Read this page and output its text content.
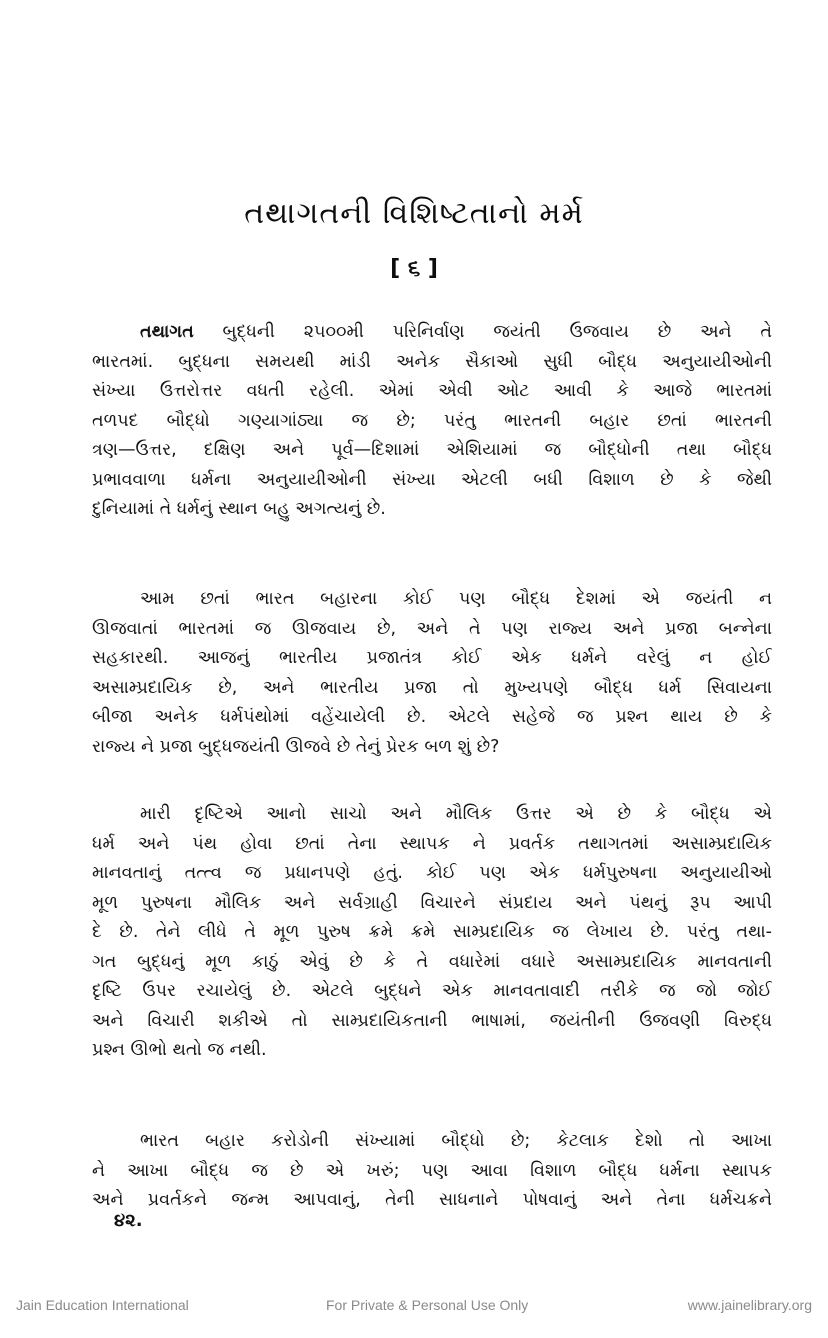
તથાગતની વિશિષ્ટતાનો મર્મ
[ ૬ ]
તથાગત બુદ્ધની ૨૫૦૦મી પરિનિર્વાણ જયંતી ઉજવાય છે અને તે
ભારતમાં. બુદ્ધના સમયથી માંડી અનેક સૈકાઓ સુધી બૌદ્ધ અનુયાયીઓની
સંખ્યા ઉત્તરોત્તર વધતી રહેલી. એમાં એવી ઓટ આવી કે આજે ભારતમાં
તળપદ બૌદ્ધો ગણ્યાગાંઠ્યા જ છે; પરંતુ ભારતની બહાર છતાં ભારતની
ત્રણ—ઉત્તર, દક્ષિણ અને પૂર્વ—દિશામાં એશિયામાં જ બૌદ્ધોની તથા બૌદ્ધ
પ્રભાવવાળા ધર્મના અનુયાયીઓની સંખ્યા એટલી બધી વિશાળ છે કે જેથી
દુનિયામાં તે ધર્મનું સ્થાન બહુ અગત્યનું છે.
આમ છતાં ભારત બહારના કોઈ પણ બૌદ્ધ દેશમાં એ જયંતી ન
ઊજવાતાં ભારતમાં જ ઊજવાય છે, અને તે પણ રાજ્ય અને પ્રજા બન્નેના
સહકારથી. આજનું ભારતીય પ્રજાતંત્ર કોઈ એક ધર્મને વરેલું ન હોઈ
અસામ્પ્રદાયિક છે, અને ભારતીય પ્રજા તો મુખ્યપણે બૌદ્ધ ધર્મ સિવાયના
બીજા અનેક ધર્મપંથોમાં વહેંચાયેલી છે. એટલે સહેજે જ પ્રશ્ન થાય છે કે
રાજ્ય ને પ્રજા બુદ્ધજયંતી ઊજવે છે તેનું પ્રેરક બળ શું છે?
મારી દૃષ્ટિએ આનો સાચો અને મૌલિક ઉત્તર એ છે કે બૌદ્ધ એ
ધર્મ અને પંથ હોવા છતાં તેના સ્થાપક ને પ્રવર્તક તથાગતમાં અસામ્પ્રદાયિક
માનવતાનું તત્ત્વ જ પ્રધાનપણે હતું. કોઈ પણ એક ધર્મપુરુષના અનુયાયીઓ
મૂળ પુરુષના મૌલિક અને સર્વગ્રાહી વિચારને સંપ્રદાય અને પંથનું રૂપ આપી
દે છે. તેને લીધે તે મૂળ પુરુષ ક્રમે ક્રમે સામ્પ્રદાયિક જ લેખાય છે. પરંતુ તથા-
ગત બુદ્ધનું મૂળ કાઠું એવું છે કે તે વધારેમાં વધારે અસામ્પ્રદાયિક માનવતાની
દૃષ્ટિ ઉપર રચાયેલું છે. એટલે બુદ્ધને એક માનવતાવાદી તરીકે જ જો જોઈ
અને વિચારી શકીએ તો સામ્પ્રદાયિકતાની ભાષામાં, જયંતીની ઉજવણી વિરુદ્ધ
પ્રશ્ન ઊભો થતો જ નથી.
ભારત બહાર કરોડોની સંખ્યામાં બૌદ્ધો છે; કેટલાક દેશો તો આખા
ને આખા બૌદ્ધ જ છે એ ખરું; પણ આવા વિશાળ બૌદ્ધ ધર્મના સ્થાપક
અને પ્રવર્તકને જન્મ આપવાનું, તેની સાધનાને પોષવાનું અને તેના ધર્મચક્રને
૪૨.
Jain Education International	For Private & Personal Use Only	www.jainelibrary.org
